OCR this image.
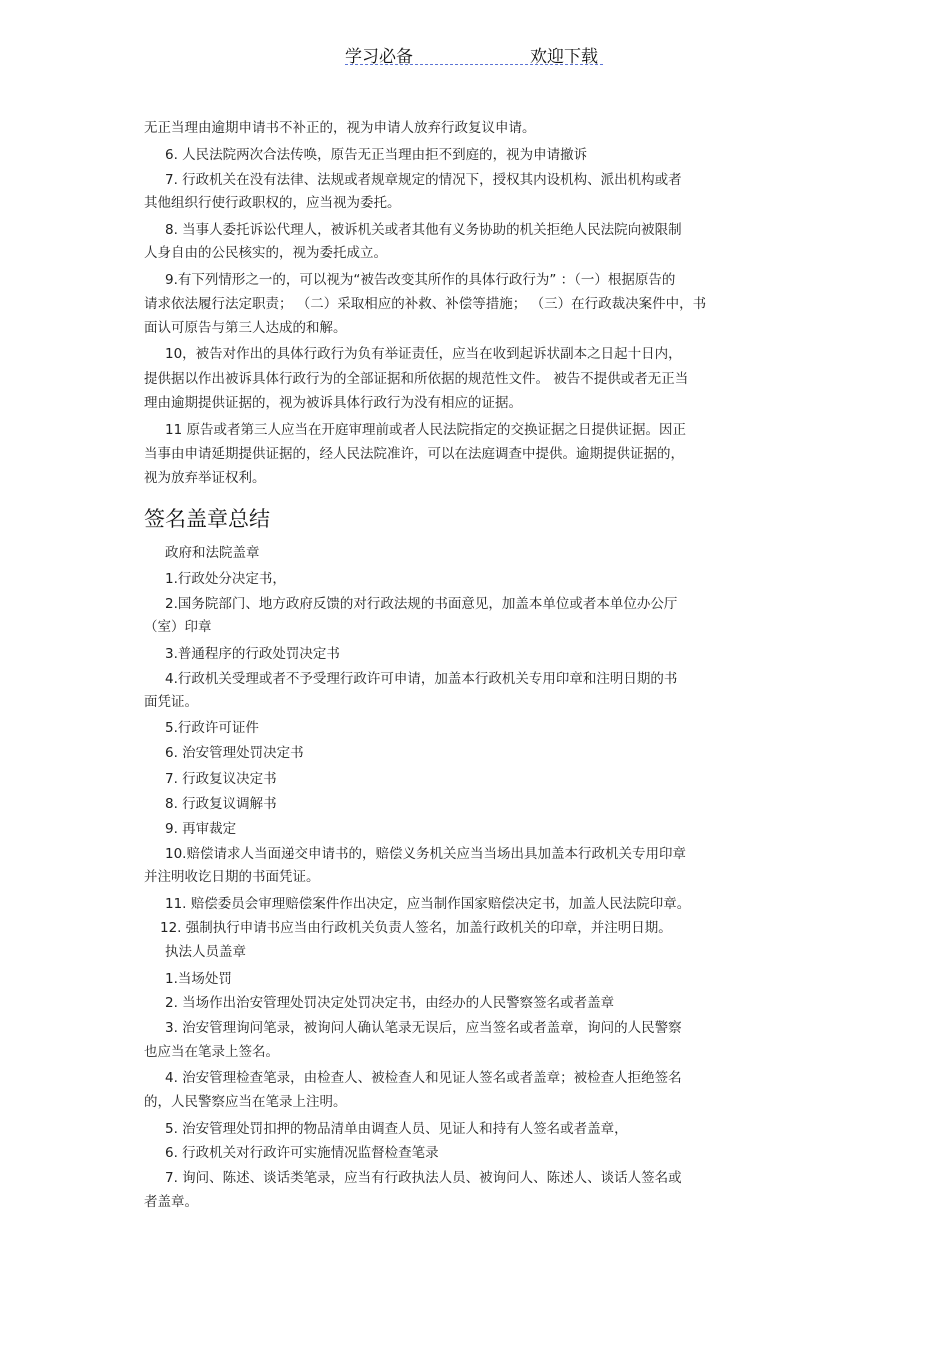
学习必备	欢迎下载
无正当理由逾期申请书不补正的，视为申请人放弃行政复议申请。
6. 人民法院两次合法传唤，原告无正当理由拒不到庭的，视为申请撤诉
7. 行政机关在没有法律、法规或者规章规定的情况下，授权其内设机构、派出机构或者
其他组织行使行政职权的，应当视为委托。
8. 当事人委托诉讼代理人，被诉机关或者其他有义务协助的机关拒绝人民法院向被限制
人身自由的公民核实的，视为委托成立。
9.有下列情形之一的，可以视为“被告改变其所作的具体行政行为” ：（一）根据原告的
请求依法履行法定职责； （二）采取相应的补救、补偿等措施； （三）在行政裁决案件中，书
面认可原告与第三人达成的和解。
10，被告对作出的具体行政行为负有举证责任，应当在收到起诉状副本之日起十日内，
提供据以作出被诉具体行政行为的全部证据和所依据的规范性文件。 被告不提供或者无正当
理由逾期提供证据的，视为被诉具体行政行为没有相应的证据。
11 原告或者第三人应当在开庭审理前或者人民法院指定的交换证据之日提供证据。因正
当事由申请延期提供证据的，经人民法院准许，可以在法庭调查中提供。逾期提供证据的，
视为放弃举证权利。
签名盖章总结
政府和法院盖章
1.行政处分决定书，
2.国务院部门、地方政府反馈的对行政法规的书面意见，加盖本单位或者本单位办公厅
（室）印章
3.普通程序的行政处罚决定书
4.行政机关受理或者不予受理行政许可申请，加盖本行政机关专用印章和注明日期的书
面凭证。
5.行政许可证件
6. 治安管理处罚决定书
7. 行政复议决定书
8. 行政复议调解书
9. 再审裁定
10.赔偿请求人当面递交申请书的，赔偿义务机关应当当场出具加盖本行政机关专用印章
并注明收讫日期的书面凭证。
11. 赔偿委员会审理赔偿案件作出决定，应当制作国家赔偿决定书，加盖人民法院印章。
12. 强制执行申请书应当由行政机关负责人签名，加盖行政机关的印章，并注明日期。
执法人员盖章
1.当场处罚
2. 当场作出治安管理处罚决定处罚决定书，由经办的人民警察签名或者盖章
3. 治安管理询问笔录，被询问人确认笔录无误后，应当签名或者盖章，询问的人民警察
也应当在笔录上签名。
4. 治安管理检查笔录，由检查人、被检查人和见证人签名或者盖章；被检查人拒绝签名
的，人民警察应当在笔录上注明。
5. 治安管理处罚扣押的物品清单由调查人员、见证人和持有人签名或者盖章，
6. 行政机关对行政许可实施情况监督检查笔录
7. 询问、陈述、谈话类笔录，应当有行政执法人员、被询问人、陈述人、谈话人签名或
者盖章。
